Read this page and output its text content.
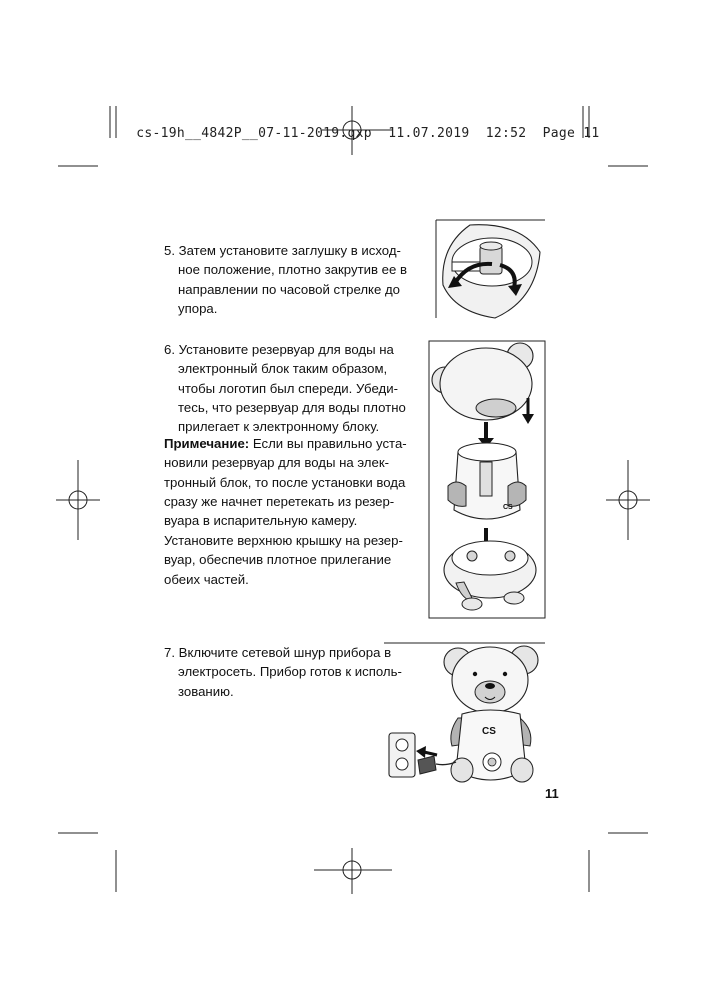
cs-19h__4842P__07-11-2019.qxp 11.07.2019 12:52 Page 11

5. Затем установите заглушку в исход-

ное положение, плотно закрутив ее в

направлении по часовой стрелке до

упора.

6. Установите резервуар для воды на

электронный блок таким образом,

чтобы логотип был спереди. Убеди-

тесь, что резервуар для воды плотно

прилегает к электронному блоку.

Примечание: Если вы правильно уста-

новили резервуар для воды на элек-

тронный блок, то после установки вода

сразу же начнет перетекать из резер-

вуара в испарительную камеру.

Установите верхнюю крышку на резер-

вуар, обеспечив плотное прилегание

обеих частей.

7. Включите сетевой шнур прибора в

электросеть. Прибор готов к исполь-

зованию.

11
CS
CS
